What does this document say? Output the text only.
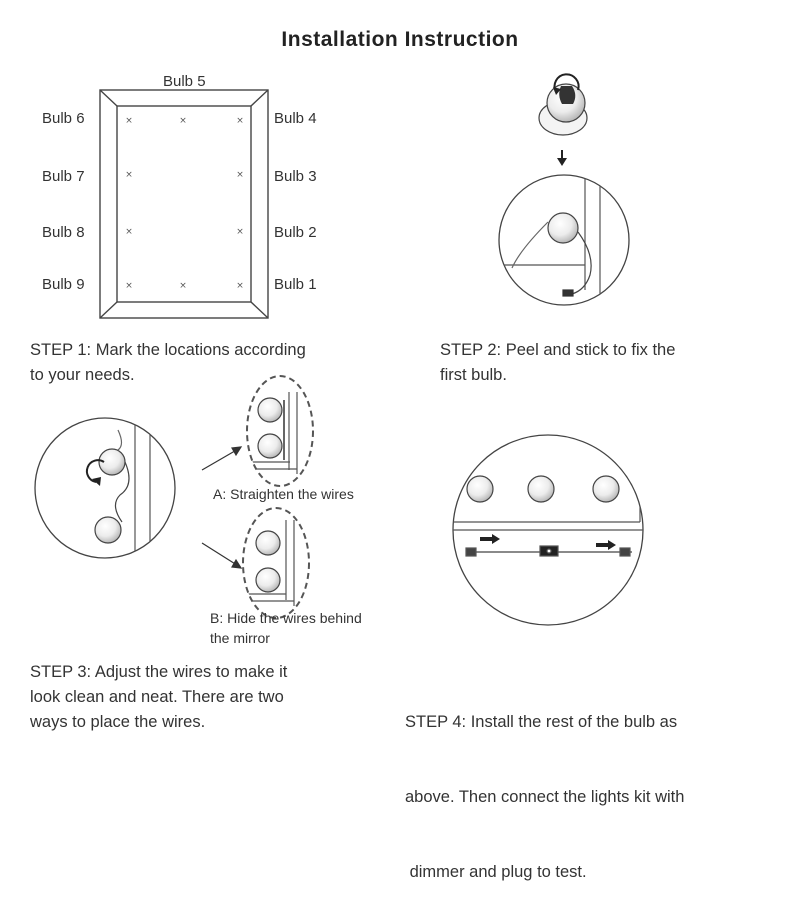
Installation Instruction
×	×	×
×	×
×	×
×	×	×
Bulb 5
Bulb 6
Bulb 7
Bulb 8
Bulb 9
Bulb 4
Bulb 3
Bulb 2
Bulb 1
STEP 1: Mark the locations according
to your needs.
STEP 2: Peel and stick to fix the
first bulb.
STEP 3: Adjust the wires to make it
look clean and neat. There are two
ways to place the wires.

	STEP 4: Install the rest of the bulb as

above. Then connect the lights kit with

dimmer and plug to test.

A: Straighten the wires
B: Hide the wires behind
the mirror
